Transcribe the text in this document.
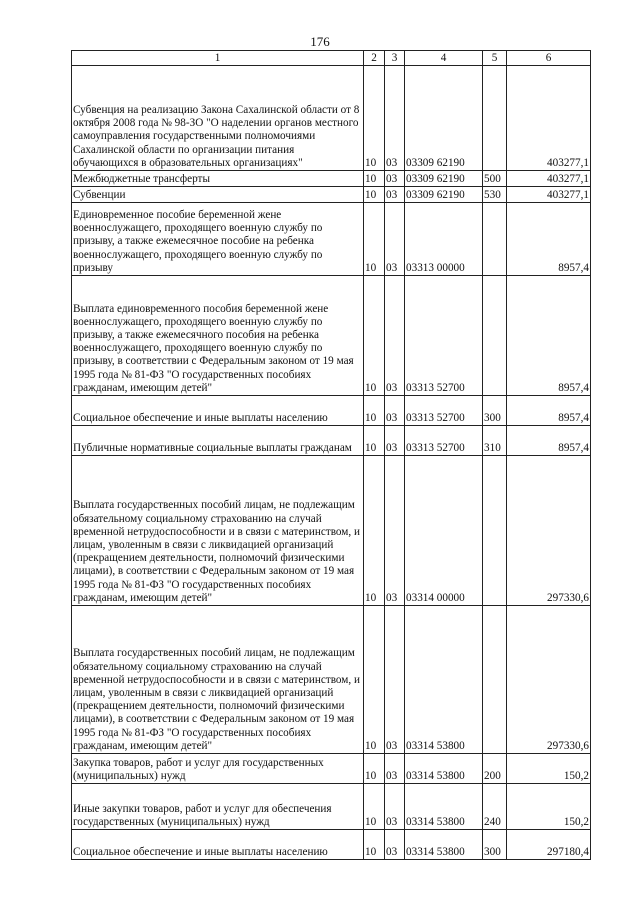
176
1	2	3	4	5	6
Субвенция на реализацию Закона Сахалинской области от 8 октября 2008 года № 98-ЗО "О наделении органов местного самоуправления государственными полномочиями Сахалинской области по организации питания обучающихся в образовательных организациях"	10	03	03309 62190		403277,1
Межбюджетные трансферты	10	03	03309 62190	500	403277,1
Субвенции	10	03	03309 62190	530	403277,1
Единовременное пособие беременной жене военнослужащего, проходящего военную службу по призыву, а также ежемесячное пособие на ребенка военнослужащего, проходящего военную службу по призыву	10	03	03313 00000		8957,4
Выплата единовременного пособия беременной жене военнослужащего, проходящего военную службу по призыву, а также ежемесячного пособия на ребенка военнослужащего, проходящего военную службу по призыву, в соответствии с Федеральным законом от 19 мая 1995 года № 81-ФЗ "О государственных пособиях гражданам, имеющим детей"	10	03	03313 52700		8957,4
Социальное обеспечение и иные выплаты населению	10	03	03313 52700	300	8957,4
Публичные нормативные социальные выплаты гражданам	10	03	03313 52700	310	8957,4
Выплата государственных пособий лицам, не подлежащим обязательному социальному страхованию на случай временной нетрудоспособности и в связи с материнством, и лицам, уволенным в связи с ликвидацией организаций (прекращением деятельности, полномочий физическими лицами), в соответствии с Федеральным законом от 19 мая 1995 года № 81-ФЗ "О государственных пособиях гражданам, имеющим детей"	10	03	03314 00000		297330,6
Выплата государственных пособий лицам, не подлежащим обязательному социальному страхованию на случай временной нетрудоспособности и в связи с материнством, и лицам, уволенным в связи с ликвидацией организаций (прекращением деятельности, полномочий физическими лицами), в соответствии с Федеральным законом от 19 мая 1995 года № 81-ФЗ "О государственных пособиях гражданам, имеющим детей"	10	03	03314 53800		297330,6
Закупка товаров, работ и услуг для государственных (муниципальных) нужд	10	03	03314 53800	200	150,2
Иные закупки товаров, работ и услуг для обеспечения государственных (муниципальных) нужд	10	03	03314 53800	240	150,2
Социальное обеспечение и иные выплаты населению	10	03	03314 53800	300	297180,4
